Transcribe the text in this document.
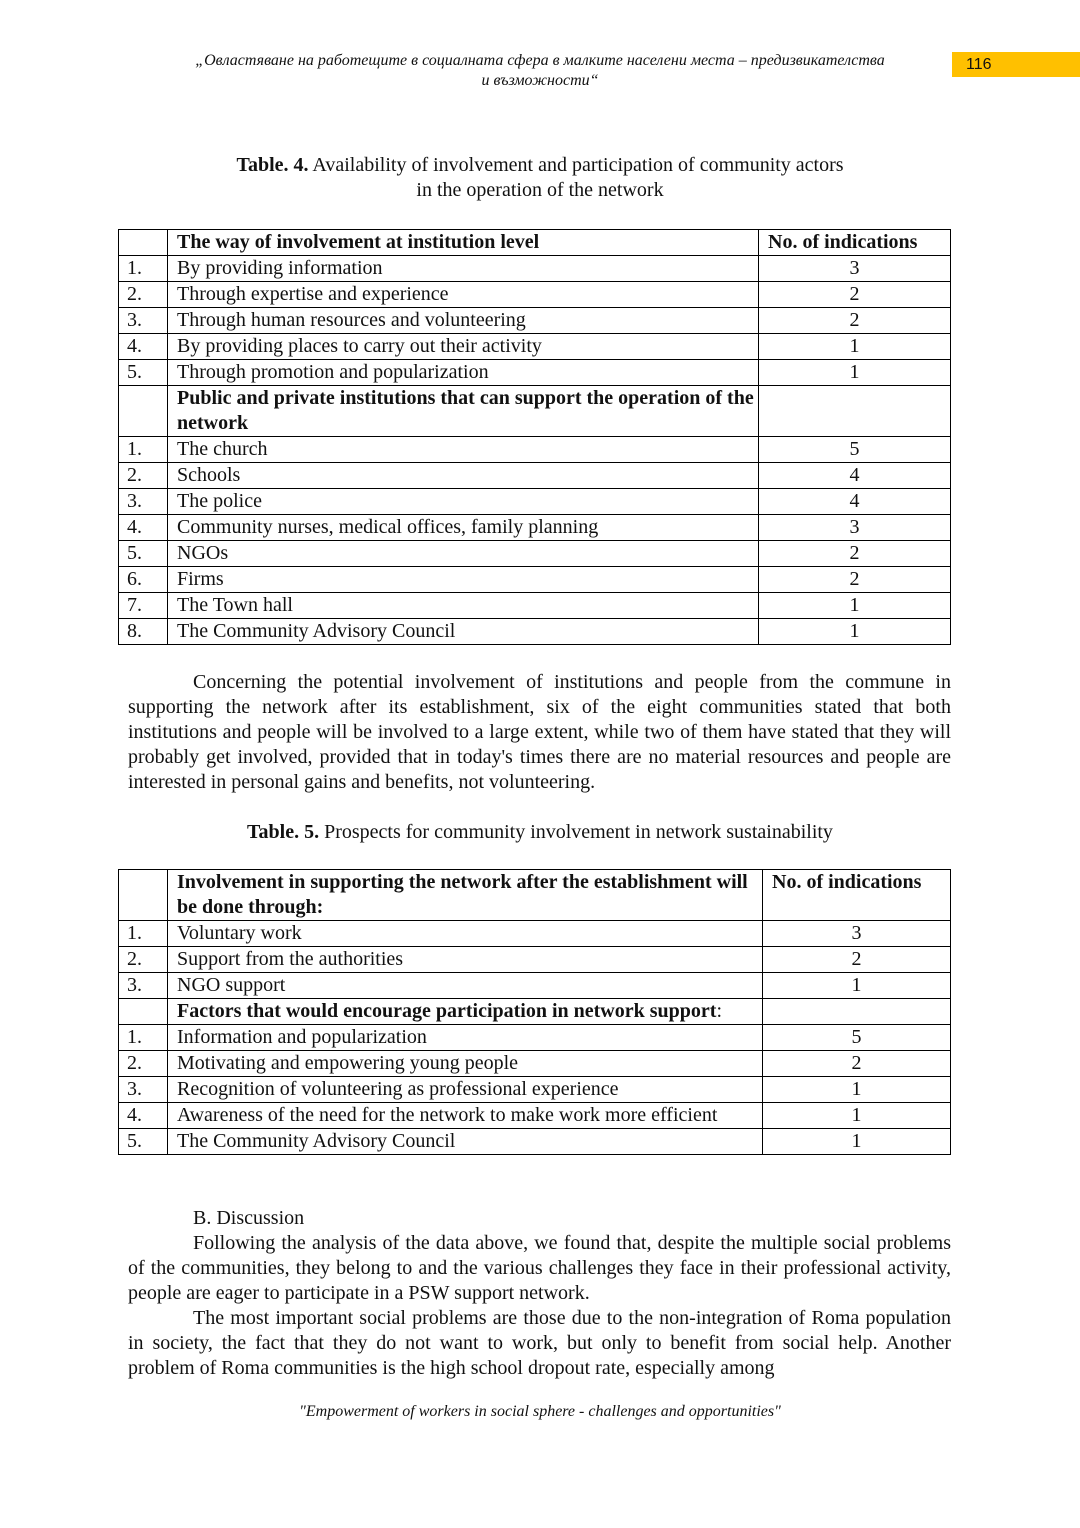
„Овластяване на работещите в социалната сфера в малките населени места – предизвикателства
и възможности“
116
Table. 4. Availability of involvement and participation of community actors
in the operation of the network
	The way of involvement at institution level	No. of indications
1.	By providing information	3
2.	Through expertise and experience	2
3.	Through human resources and volunteering	2
4.	By providing places to carry out their activity	1
5.	Through promotion and popularization	1
	Public and private institutions that can support the operation of the network	
1.	The church	5
2.	Schools	4
3.	The police	4
4.	Community nurses, medical offices, family planning	3
5.	NGOs	2
6.	Firms	2
7.	The Town hall	1
8.	The Community Advisory Council	1
Concerning the potential involvement of institutions and people from the commune in supporting the network after its establishment, six of the eight communities stated that both institutions and people will be involved to a large extent, while two of them have stated that they will probably get involved, provided that in today's times there are no material resources and people are interested in personal gains and benefits, not volunteering.
Table. 5. Prospects for community involvement in network sustainability
	Involvement in supporting the network after the establishment will be done through:	No. of indications
1.	Voluntary work	3
2.	Support from the authorities	2
3.	NGO support	1
	Factors that would encourage participation in network support:	
1.	Information and popularization	5
2.	Motivating and empowering young people	2
3.	Recognition of volunteering as professional experience	1
4.	Awareness of the need for the network to make work more efficient	1
5.	The Community Advisory Council	1
B. Discussion
Following the analysis of the data above, we found that, despite the multiple social problems of the communities, they belong to and the various challenges they face in their professional activity, people are eager to participate in a PSW support network.
The most important social problems are those due to the non-integration of Roma population in society, the fact that they do not want to work, but only to benefit from social help. Another problem of Roma communities is the high school dropout rate, especially among
"Empowerment of workers in social sphere - challenges and opportunities"
